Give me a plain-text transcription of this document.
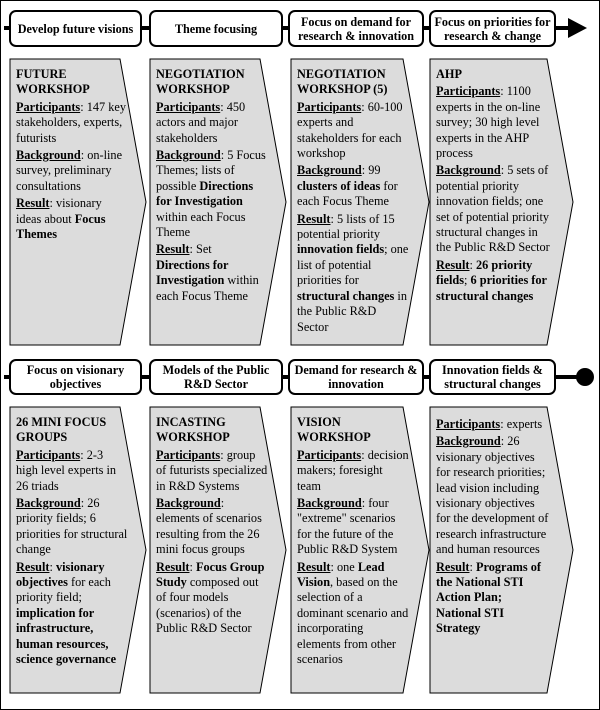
Develop future visions	Theme focusing	Focus on demand for research & innovation
Focus on priorities for research & change
Focus on visionary objectives
Models of the Public R&D Sector
Demand for research & innovation
Innovation fields & structural changes
FUTURE WORKSHOP
Participants: 147 key stakeholders, experts, futurists
Background: on-line survey, preliminary consultations
Result: visionary ideas about Focus Themes
NEGOTIATION WORKSHOP
Participants: 450 actors and major stakeholders
Background: 5 Focus Themes; lists of possible Directions for Investigation within each Focus Theme
Result: Set Directions for Investigation within each Focus Theme
NEGOTIATION WORKSHOP (5)
Participants: 60-100 experts and stakeholders for each workshop
Background: 99 clusters of ideas for each Focus Theme
Result: 5 lists of 15 potential priority innovation fields; one list of potential priorities for structural changes in the Public R&D Sector
AHP
Participants: 1100 experts in the on-line survey; 30 high level experts in the AHP process
Background: 5 sets of potential priority innovation fields; one set of potential priority structural changes in the Public R&D Sector
Result: 26 priority fields; 6 priorities for structural changes
26 MINI FOCUS GROUPS
Participants: 2-3 high level experts in 26 triads
Background: 26 priority fields; 6 priorities for structural change
Result: visionary objectives for each priority field; implication for infrastructure, human resources, science governance
INCASTING WORKSHOP
Participants: group of futurists specialized in R&D Systems
Background: elements of scenarios resulting from the 26 mini focus groups
Result: Focus Group Study composed out of four models (scenarios) of the Public R&D Sector
VISION WORKSHOP
Participants: decision makers; foresight team
Background: four "extreme" scenarios for the future of the Public R&D System
Result: one Lead Vision, based on the selection of a dominant scenario and incorporating elements from other scenarios
Participants: experts
Background: 26 visionary objectives for research priorities; lead vision including visionary objectives for the development of research infrastructure and human resources
Result: Programs of the National STI Action Plan; National STI Strategy
